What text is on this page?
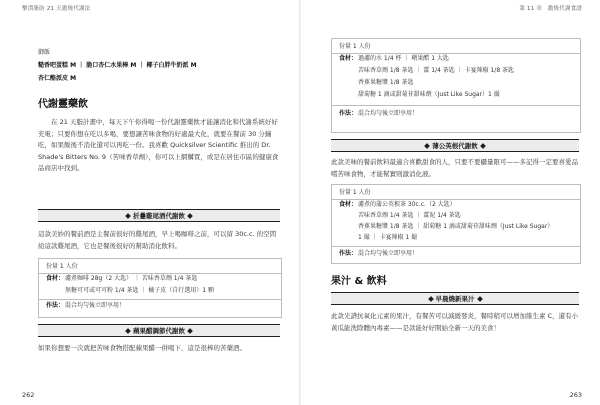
擊潰脂肪 21 天激燒代謝法
御飯
糙香吧蛋糕 M ｜ 脆口杏仁水果棒 M ｜ 椰子白胖牛奶派 M
杏仁酪派皮 M
代謝靈藥飲
在 21 天脂計畫中，每天下午你得喝一份代謝靈藥飲才能讓消化和代謝系統好好充電；只要你想在吃以多喝，要想讓苦味食物的好處最大化，就要在餐前 30 分鐘吃，如果飯後不消化還可以再吃一份。我喜歡 Quicksilver Scientific 推出的 Dr. Shade's Bitters No. 9（苦味香草劑），你可以上網購買，或是在居住市區的健康食品商店中找到。
折疊雞尾酒代謝飲
這款美妙的餐前酒是主餐前很好的雞尾酒，早上喝咖啡之前，可以留 30c.c. 的空間給這款雞尾酒，它也是餐後很好的幫助消化飲料。
份量 1 人份
食材： 濾煮咖啡 28g（2 大匙） ｜ 苦味香草劑 1/4 茶匙
無糖可可或可可粉 1/4 茶匙 ｜ 橘子皮（自行選用）1 顆
作法： 混合均勻後立即享用！
蘋果醋調節代謝飲
如果你想要一次就把苦味食物搭配蘋果醋一併喝下，這是很棒的苦藥酒。
262
第 11 章　激燒代謝食譜
份量 1 人份
食材： 過濾的水 1/4 杯 ｜ 蘋果醋 1 大匙
苦味香草劑 1/8 茶匙 ｜ 薑 1/4 茶匙 ｜ 卡宴辣椒 1/8 茶匙
香蕉果糖漿 1/8 茶匙
甜菊糖 1 滴或甜菊苷甜味劑（Just Like Sugar）1 撮
作法： 混合均勻後立即享用！
薄公英根代謝飲
此款美味的餐前飲料最適合喜歡甜食的人，只要不要攝量限可——多記得一定要喜愛品嚐苦味食物，才能幫實則激消化液。
份量 1 人份
食材： 濾煮的蒲公英根茶 30c.c.（2 大匙）
苦味香草劑 1/4 茶匙 ｜ 薑泥 1/4 茶匙
香蕉果糖漿 1/8 茶匙 ｜ 甜菊糖 1 滴或甜菊苷甜味劑（Just Like Sugar）
1 撮 ｜ 卡宴辣椒 1 撮
作法： 混合均勻後立即享用！
果汁 & 飲料
早晨燒新果汁
此款光譜抗氧化元素的果汁，有餐苦可以減緩發炎，餐時稍可以增加維生素 C，還有小黃瓜能洗除體內毒素——是款能好好開始全新一天的美食！
263
